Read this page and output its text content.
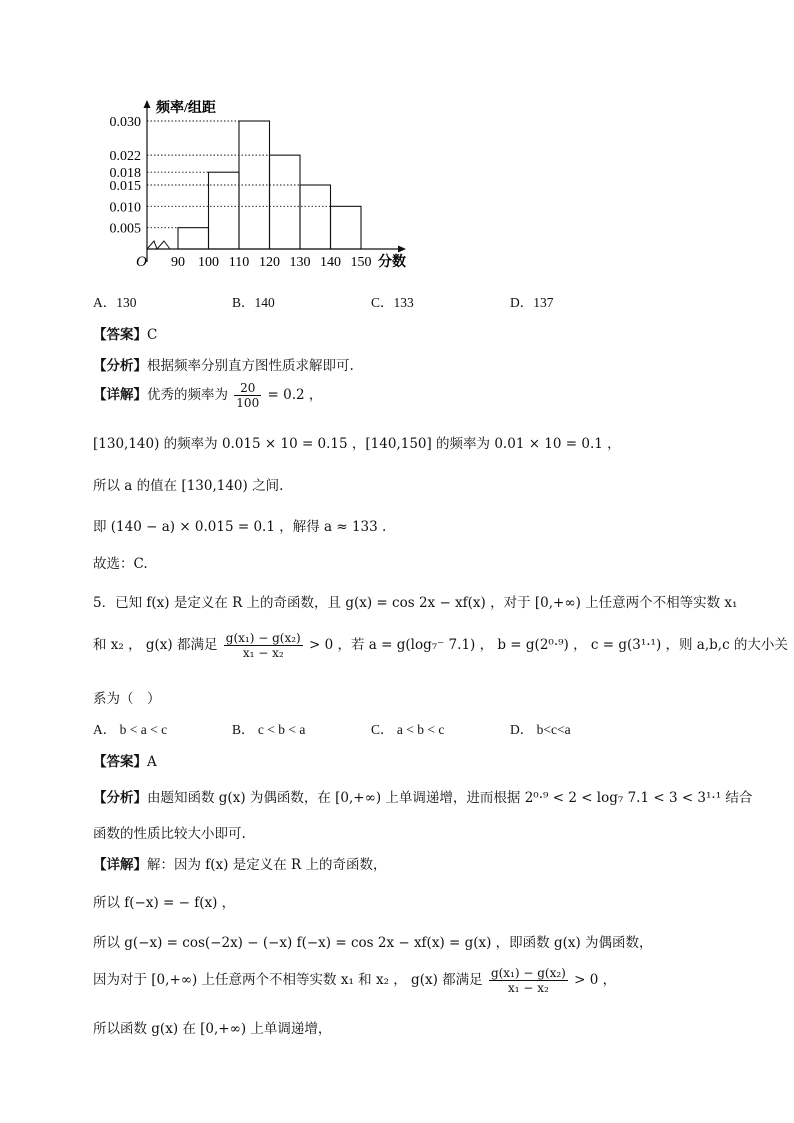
频率/组距
分数
O
0.005
0.010
0.015
0.018
0.022
0.030
90 100 110 120 130 140 150
A．130	B．140	C．133	D．137
【答案】C
【分析】根据频率分别直方图性质求解即可.
【详解】优秀的频率为 $\frac{20}{100} = 0.2$ ，
[130,140) 的频率为 0.015 × 10 = 0.15 ，[140,150] 的频率为 0.01 × 10 = 0.1 ，
所以 a 的值在 [130,140) 之间.
即 (140 − a) × 0.015 = 0.1 ，解得 a ≈ 133 .
故选：C.
5．已知 f(x) 是定义在 R 上的奇函数，且 g(x) = cos 2x − xf(x) ，对于 [0,+∞) 上任意两个不相等实数 x₁
和 x₂ ， g(x) 都满足 $\frac{\text{g(x₁) − g(x₂)}}{\text{x₁ − x₂}} > 0$ ，若 a = g(log₇⁻ 7.1) ， b = g(2⁰·⁹) ， c = g(3¹·¹) ，则 a,b,c 的大小关
系为（　）
A． b < a < c	B． c < b < a	C． a < b < c	D． b<c<a
【答案】A
【分析】由题知函数 g(x) 为偶函数，在 [0,+∞) 上单调递增，进而根据 2⁰·⁹ < 2 < log₇ 7.1 < 3 < 3¹·¹ 结合
函数的性质比较大小即可.
【详解】解：因为 f(x) 是定义在 R 上的奇函数，
所以 f(−x) = − f(x) ，
所以 g(−x) = cos(−2x) − (−x) f(−x) = cos 2x − xf(x) = g(x) ，即函数 g(x) 为偶函数，
因为对于 [0,+∞) 上任意两个不相等实数 x₁ 和 x₂ ， g(x) 都满足 $\frac{\text{g(x₁) − g(x₂)}}{\text{x₁ − x₂}} > 0$ ，
所以函数 g(x) 在 [0,+∞) 上单调递增，
